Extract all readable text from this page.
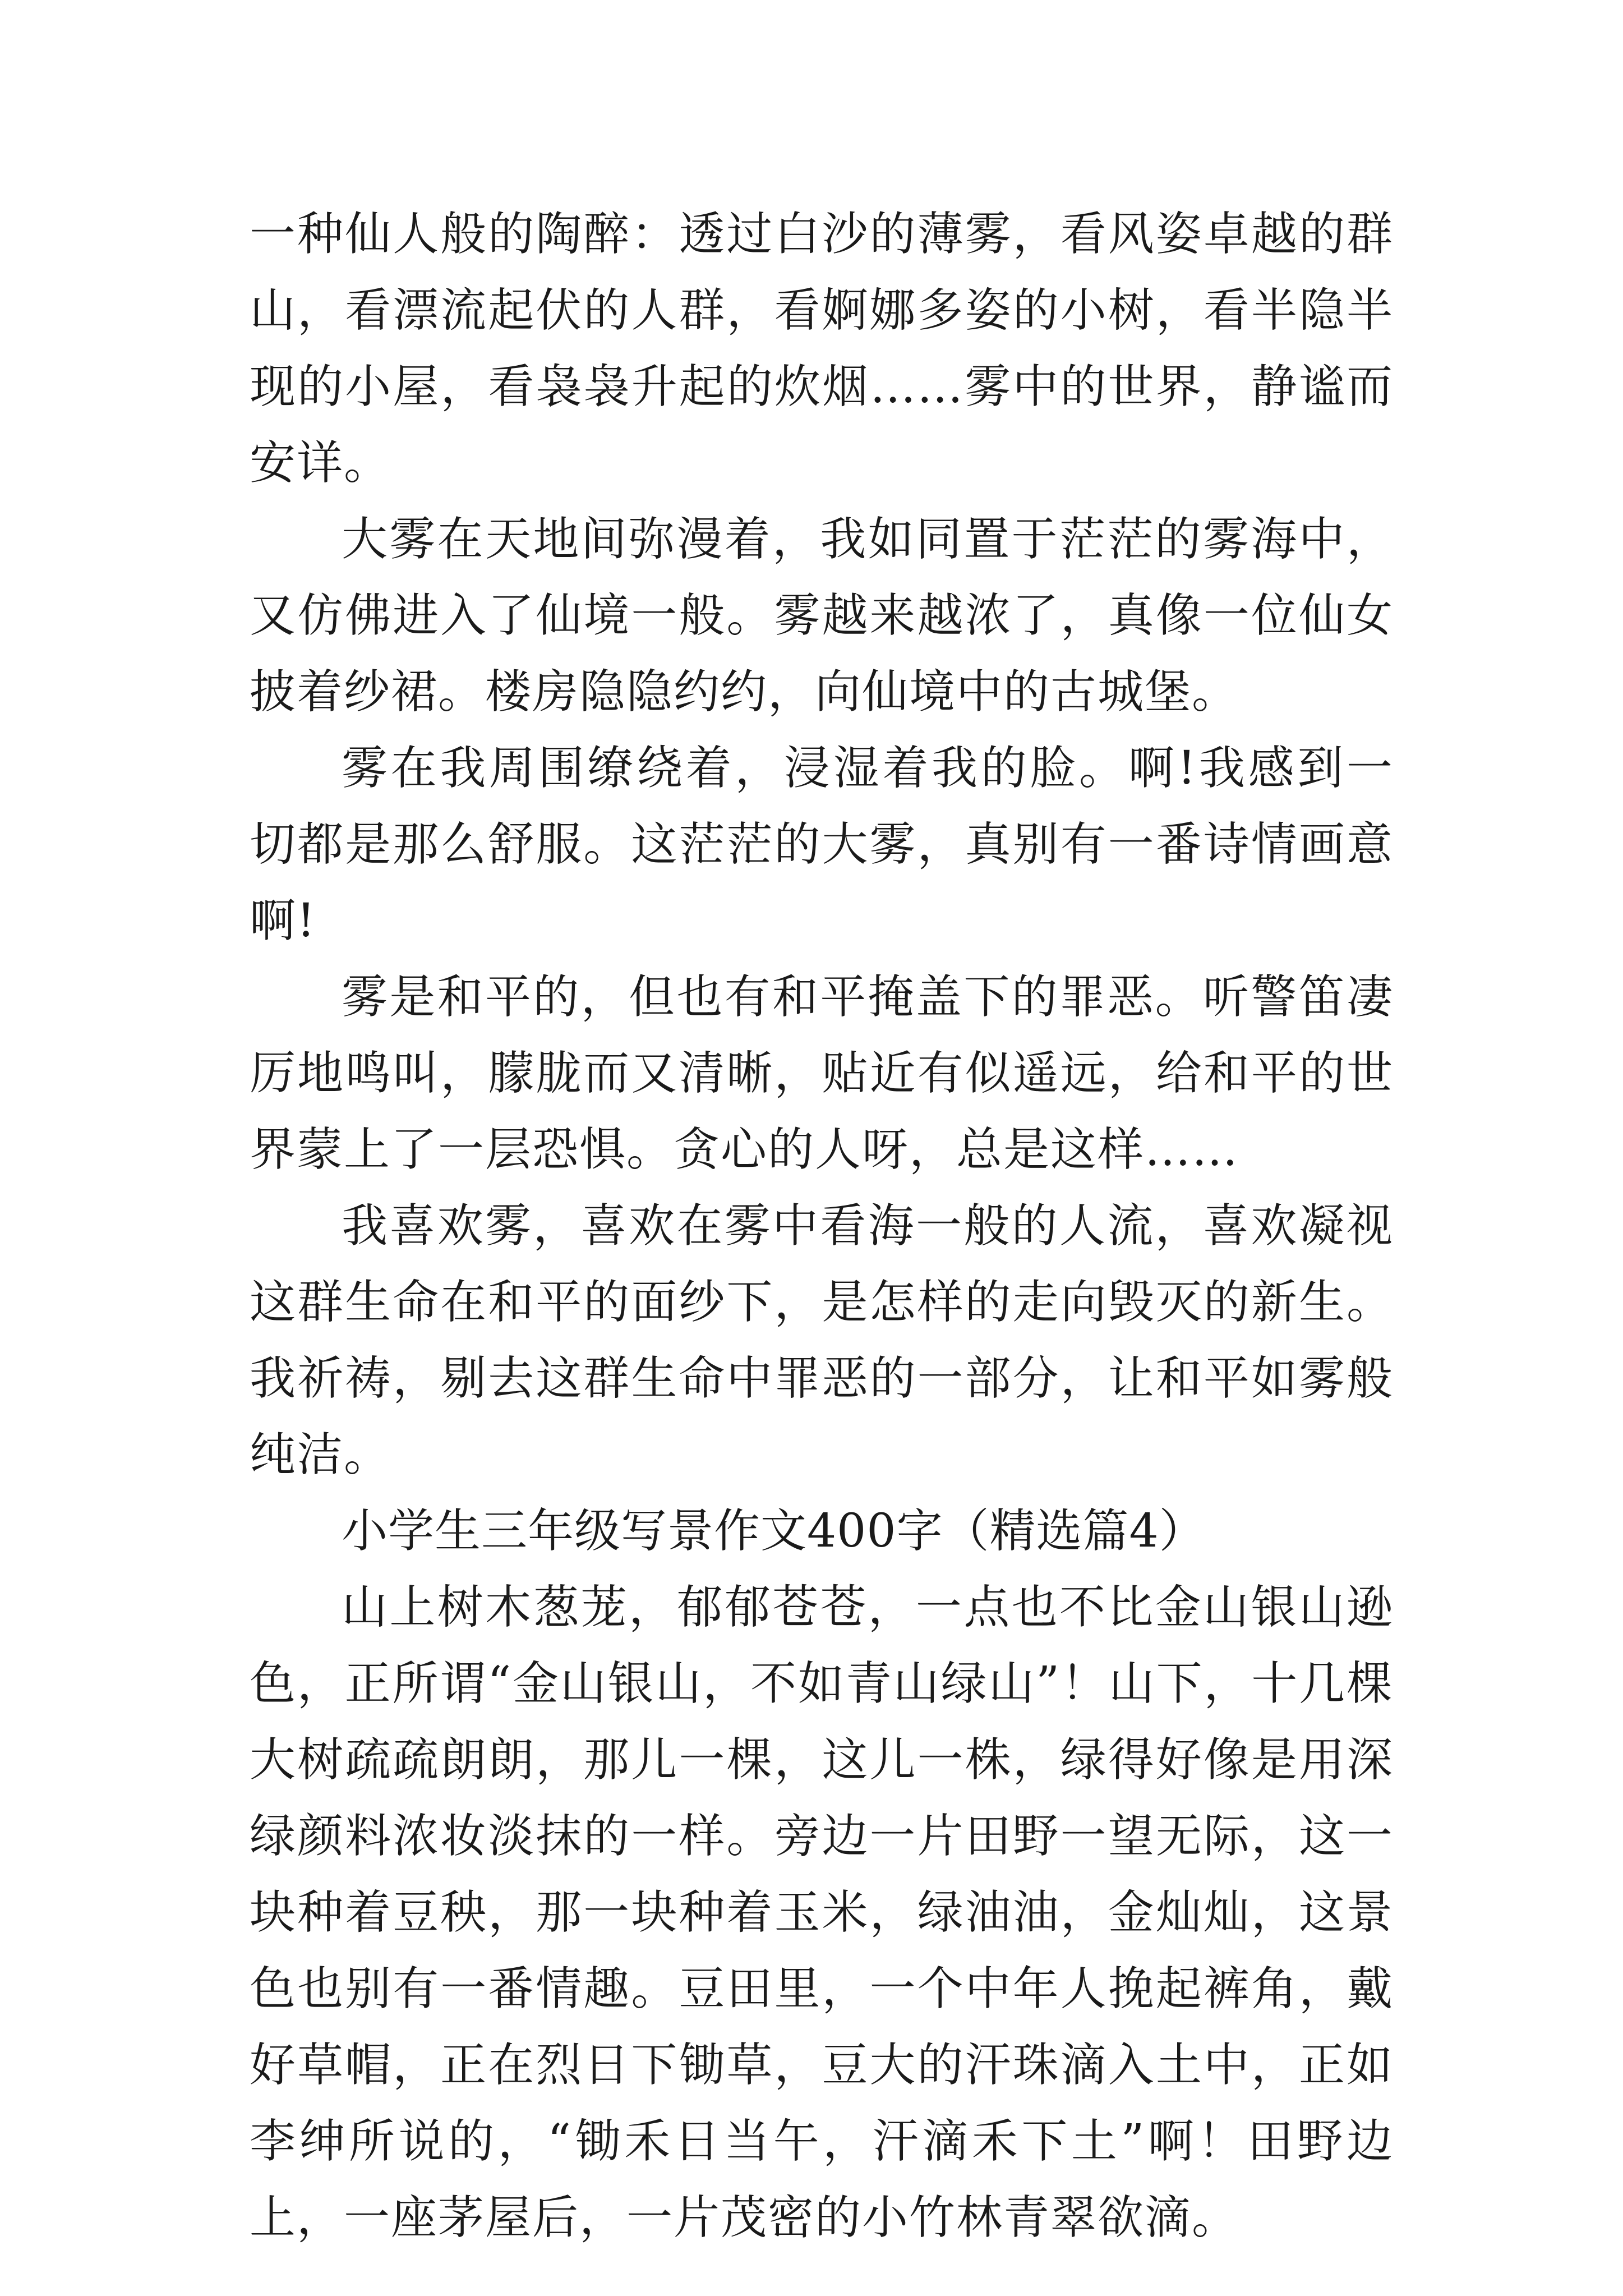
一种仙人般的陶醉：透过白沙的薄雾，看风姿卓越的群山，看漂流起伏的人群，看婀娜多姿的小树，看半隐半现的小屋，看袅袅升起的炊烟……雾中的世界，静谧而安详。

大雾在天地间弥漫着，我如同置于茫茫的雾海中，又仿佛进入了仙境一般。雾越来越浓了，真像一位仙女披着纱裙。楼房隐隐约约，向仙境中的古城堡。

雾在我周围缭绕着，浸湿着我的脸。啊!我感到一切都是那么舒服。这茫茫的大雾，真别有一番诗情画意啊!

雾是和平的，但也有和平掩盖下的罪恶。听警笛凄厉地鸣叫，朦胧而又清晰，贴近有似遥远，给和平的世界蒙上了一层恐惧。贪心的人呀，总是这样……

我喜欢雾，喜欢在雾中看海一般的人流，喜欢凝视这群生命在和平的面纱下，是怎样的走向毁灭的新生。我祈祷，剔去这群生命中罪恶的一部分，让和平如雾般纯洁。

小学生三年级写景作文400字（精选篇4）

山上树木葱茏，郁郁苍苍，一点也不比金山银山逊色，正所谓“金山银山，不如青山绿山”！山下，十几棵大树疏疏朗朗，那儿一棵，这儿一株，绿得好像是用深绿颜料浓妆淡抹的一样。旁边一片田野一望无际，这一块种着豆秧，那一块种着玉米，绿油油，金灿灿，这景色也别有一番情趣。豆田里，一个中年人挽起裤角，戴好草帽，正在烈日下锄草，豆大的汗珠滴入土中，正如李绅所说的，“锄禾日当午，汗滴禾下土”啊！田野边上，一座茅屋后，一片茂密的小竹林青翠欲滴。
